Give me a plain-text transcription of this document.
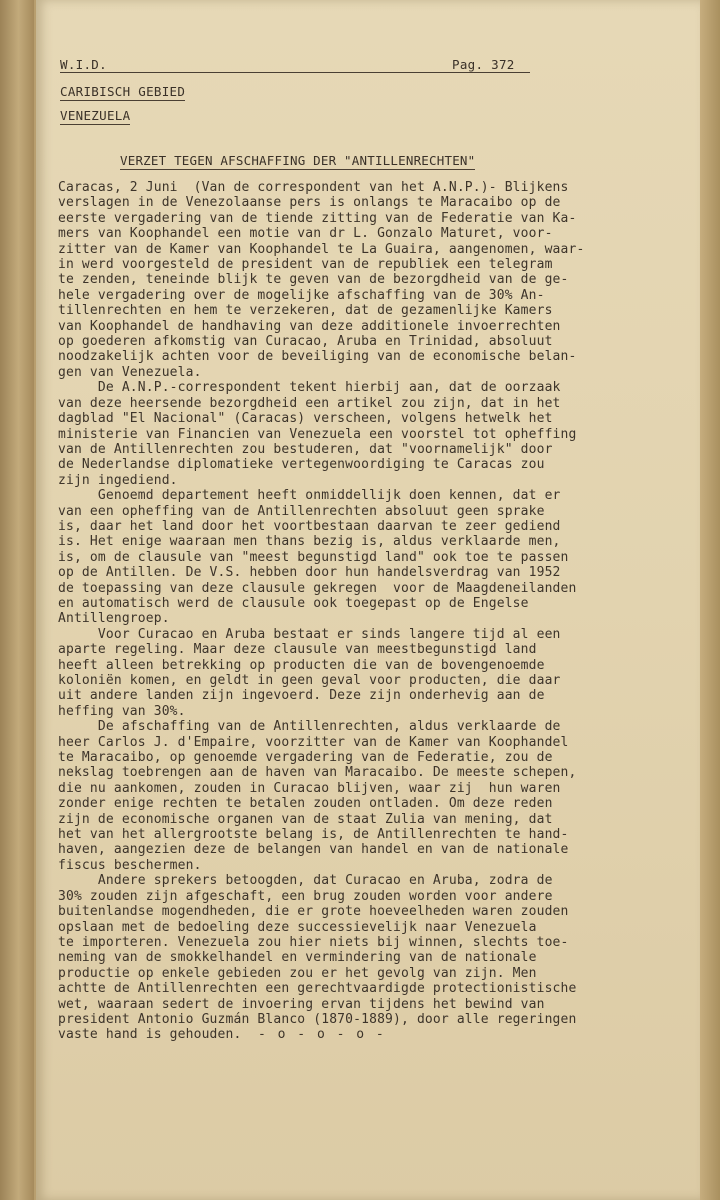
W.I.D.	Pag. 372
CARIBISCH GEBIED
VENEZUELA
VERZET TEGEN AFSCHAFFING DER "ANTILLENRECHTEN"
Caracas, 2 Juni  (Van de correspondent van het A.N.P.)- Blijkens
verslagen in de Venezolaanse pers is onlangs te Maracaibo op de
eerste vergadering van de tiende zitting van de Federatie van Ka-
mers van Koophandel een motie van dr L. Gonzalo Maturet, voor-
zitter van de Kamer van Koophandel te La Guaira, aangenomen, waar-
in werd voorgesteld de president van de republiek een telegram
te zenden, teneinde blijk te geven van de bezorgdheid van de ge-
hele vergadering over de mogelijke afschaffing van de 30% An-
tillenrechten en hem te verzekeren, dat de gezamenlijke Kamers
van Koophandel de handhaving van deze additionele invoerrechten
op goederen afkomstig van Curacao, Aruba en Trinidad, absoluut
noodzakelijk achten voor de beveiliging van de economische belan-
gen van Venezuela.
De A.N.P.-correspondent tekent hierbij aan, dat de oorzaak
van deze heersende bezorgdheid een artikel zou zijn, dat in het
dagblad "El Nacional" (Caracas) verscheen, volgens hetwelk het
ministerie van Financien van Venezuela een voorstel tot opheffing
van de Antillenrechten zou bestuderen, dat "voornamelijk" door
de Nederlandse diplomatieke vertegenwoordiging te Caracas zou
zijn ingediend.
Genoemd departement heeft onmiddellijk doen kennen, dat er
van een opheffing van de Antillenrechten absoluut geen sprake
is, daar het land door het voortbestaan daarvan te zeer gediend
is. Het enige waaraan men thans bezig is, aldus verklaarde men,
is, om de clausule van "meest begunstigd land" ook toe te passen
op de Antillen. De V.S. hebben door hun handelsverdrag van 1952
de toepassing van deze clausule gekregen  voor de Maagdeneilanden
en automatisch werd de clausule ook toegepast op de Engelse
Antillengroep.
Voor Curacao en Aruba bestaat er sinds langere tijd al een
aparte regeling. Maar deze clausule van meestbegunstigd land
heeft alleen betrekking op producten die van de bovengenoemde
koloniën komen, en geldt in geen geval voor producten, die daar
uit andere landen zijn ingevoerd. Deze zijn onderhevig aan de
heffing van 30%.
De afschaffing van de Antillenrechten, aldus verklaarde de
heer Carlos J. d'Empaire, voorzitter van de Kamer van Koophandel
te Maracaibo, op genoemde vergadering van de Federatie, zou de
nekslag toebrengen aan de haven van Maracaibo. De meeste schepen,
die nu aankomen, zouden in Curacao blijven, waar zij  hun waren
zonder enige rechten te betalen zouden ontladen. Om deze reden
zijn de economische organen van de staat Zulia van mening, dat
het van het allergrootste belang is, de Antillenrechten te hand-
haven, aangezien deze de belangen van handel en van de nationale
fiscus beschermen.
Andere sprekers betoogden, dat Curacao en Aruba, zodra de
30% zouden zijn afgeschaft, een brug zouden worden voor andere
buitenlandse mogendheden, die er grote hoeveelheden waren zouden
opslaan met de bedoeling deze successievelijk naar Venezuela
te importeren. Venezuela zou hier niets bij winnen, slechts toe-
neming van de smokkelhandel en vermindering van de nationale
productie op enkele gebieden zou er het gevolg van zijn. Men
achtte de Antillenrechten een gerechtvaardigde protectionistische
wet, waaraan sedert de invoering ervan tijdens het bewind van
president Antonio Guzmán Blanco (1870-1889), door alle regeringen
vaste hand is gehouden.	- o - o - o -
